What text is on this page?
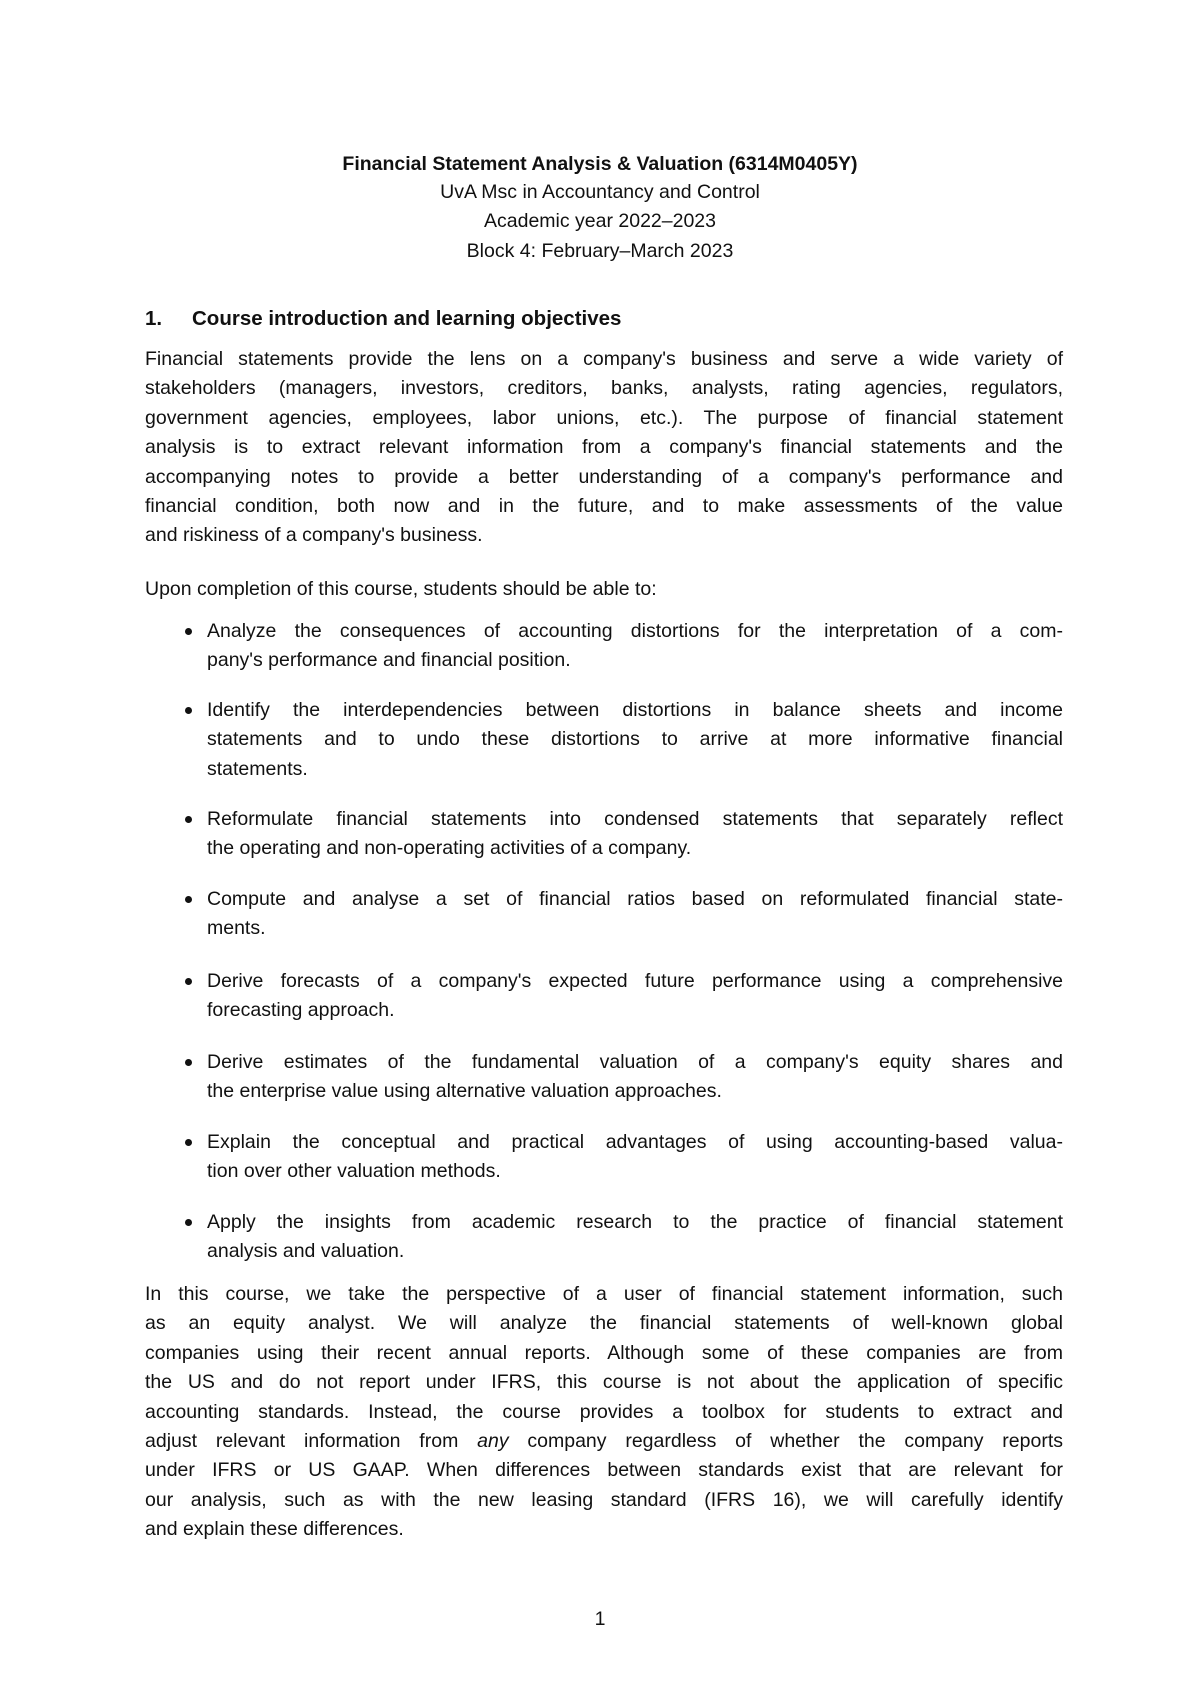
Financial Statement Analysis & Valuation (6314M0405Y)
UvA Msc in Accountancy and Control
Academic year 2022–2023
Block 4: February–March 2023
1. Course introduction and learning objectives
Financial statements provide the lens on a company's business and serve a wide variety of
stakeholders (managers, investors, creditors, banks, analysts, rating agencies, regulators,
government agencies, employees, labor unions, etc.). The purpose of financial statement
analysis is to extract relevant information from a company's financial statements and the
accompanying notes to provide a better understanding of a company's performance and
financial condition, both now and in the future, and to make assessments of the value
and riskiness of a company's business.
Upon completion of this course, students should be able to:
Analyze the consequences of accounting distortions for the interpretation of a com-
pany's performance and financial position.
Identify the interdependencies between distortions in balance sheets and income
statements and to undo these distortions to arrive at more informative financial
statements.
Reformulate financial statements into condensed statements that separately reflect
the operating and non-operating activities of a company.
Compute and analyse a set of financial ratios based on reformulated financial state-
ments.
Derive forecasts of a company's expected future performance using a comprehensive
forecasting approach.
Derive estimates of the fundamental valuation of a company's equity shares and
the enterprise value using alternative valuation approaches.
Explain the conceptual and practical advantages of using accounting-based valua-
tion over other valuation methods.
Apply the insights from academic research to the practice of financial statement
analysis and valuation.
In this course, we take the perspective of a user of financial statement information, such
as an equity analyst. We will analyze the financial statements of well-known global
companies using their recent annual reports. Although some of these companies are from
the US and do not report under IFRS, this course is not about the application of specific
accounting standards. Instead, the course provides a toolbox for students to extract and
adjust relevant information from any company regardless of whether the company reports
under IFRS or US GAAP. When differences between standards exist that are relevant for
our analysis, such as with the new leasing standard (IFRS 16), we will carefully identify
and explain these differences.
1
